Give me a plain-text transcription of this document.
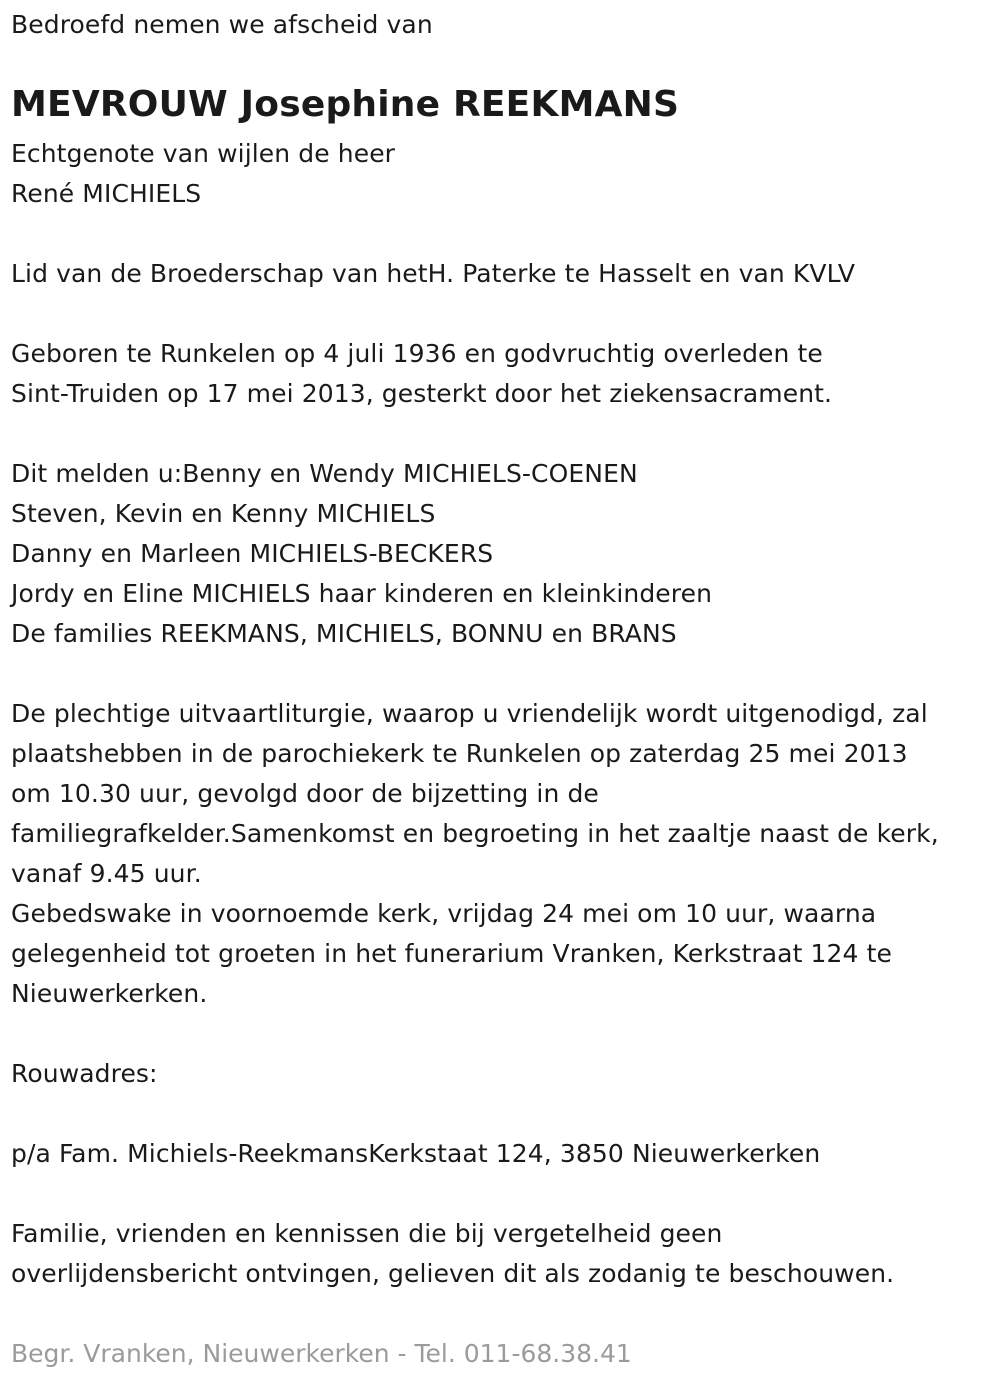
Bedroefd nemen we afscheid van

MEVROUW Josephine REEKMANS

Echtgenote van wijlen de heer

René MICHIELS

Lid van de Broederschap van hetH. Paterke te Hasselt en van KVLV

Geboren te Runkelen op 4 juli 1936 en godvruchtig overleden te

Sint-Truiden op 17 mei 2013, gesterkt door het ziekensacrament.

Dit melden u:Benny en Wendy MICHIELS-COENEN

Steven, Kevin en Kenny MICHIELS

Danny en Marleen MICHIELS-BECKERS

Jordy en Eline MICHIELS haar kinderen en kleinkinderen

De families REEKMANS, MICHIELS, BONNU en BRANS

De plechtige uitvaartliturgie, waarop u vriendelijk wordt uitgenodigd, zal

plaatshebben in de parochiekerk te Runkelen op zaterdag 25 mei 2013

om 10.30 uur, gevolgd door de bijzetting in de

familiegrafkelder.Samenkomst en begroeting in het zaaltje naast de kerk,

vanaf 9.45 uur.

Gebedswake in voornoemde kerk, vrijdag 24 mei om 10 uur, waarna

gelegenheid tot groeten in het funerarium Vranken, Kerkstraat 124 te

Nieuwerkerken.

Rouwadres:

p/a Fam. Michiels-ReekmansKerkstaat 124, 3850 Nieuwerkerken

Familie, vrienden en kennissen die bij vergetelheid geen

overlijdensbericht ontvingen, gelieven dit als zodanig te beschouwen.

Begr. Vranken, Nieuwerkerken - Tel. 011-68.38.41
